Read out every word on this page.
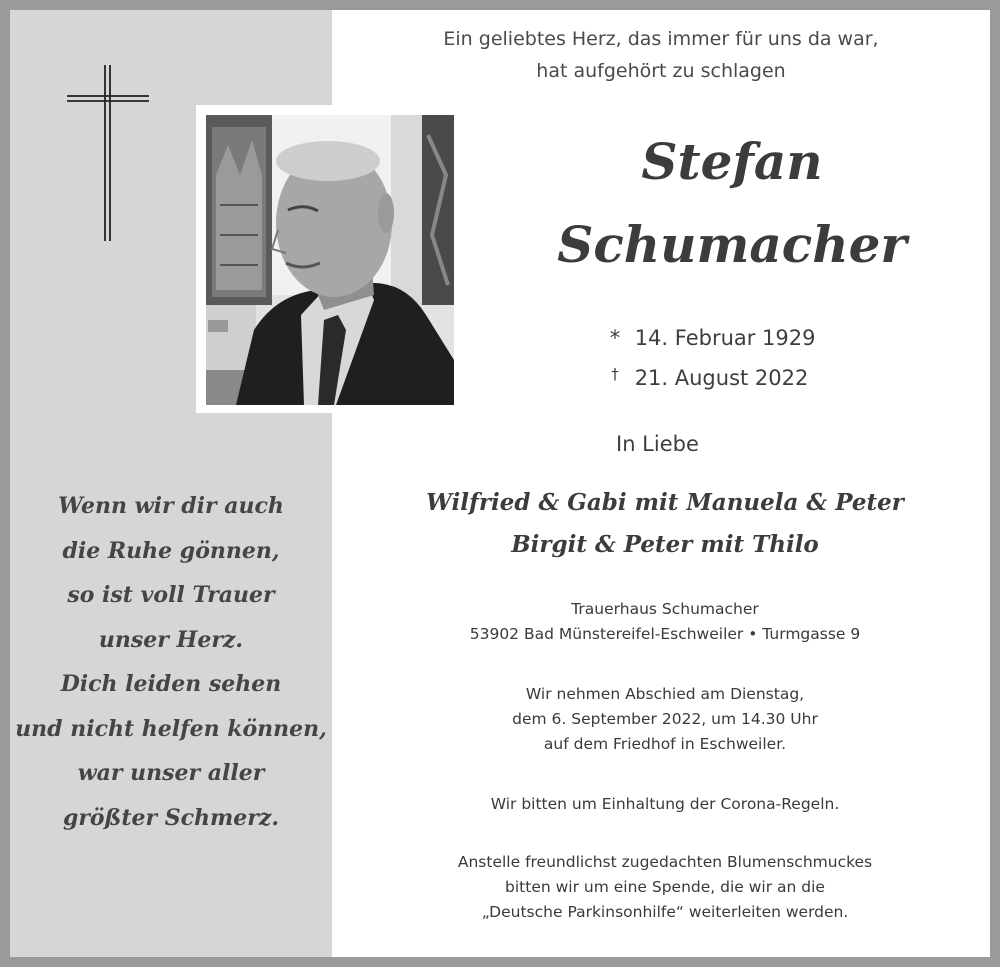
Wenn wir dir auch
die Ruhe gönnen,
so ist voll Trauer
unser Herz.
Dich leiden sehen
und nicht helfen können,
war unser aller
größter Schmerz.
Ein geliebtes Herz, das immer für uns da war,
hat aufgehört zu schlagen
Stefan
Schumacher
* 14. Februar 1929
† 21. August 2022
In Liebe
Wilfried & Gabi mit Manuela & Peter
Birgit & Peter mit Thilo
Trauerhaus Schumacher
53902 Bad Münstereifel-Eschweiler • Turmgasse 9
Wir nehmen Abschied am Dienstag,
dem 6. September 2022, um 14.30 Uhr
auf dem Friedhof in Eschweiler.
Wir bitten um Einhaltung der Corona-Regeln.
Anstelle freundlichst zugedachten Blumenschmuckes
bitten wir um eine Spende, die wir an die
„Deutsche Parkinsonhilfe“ weiterleiten werden.
